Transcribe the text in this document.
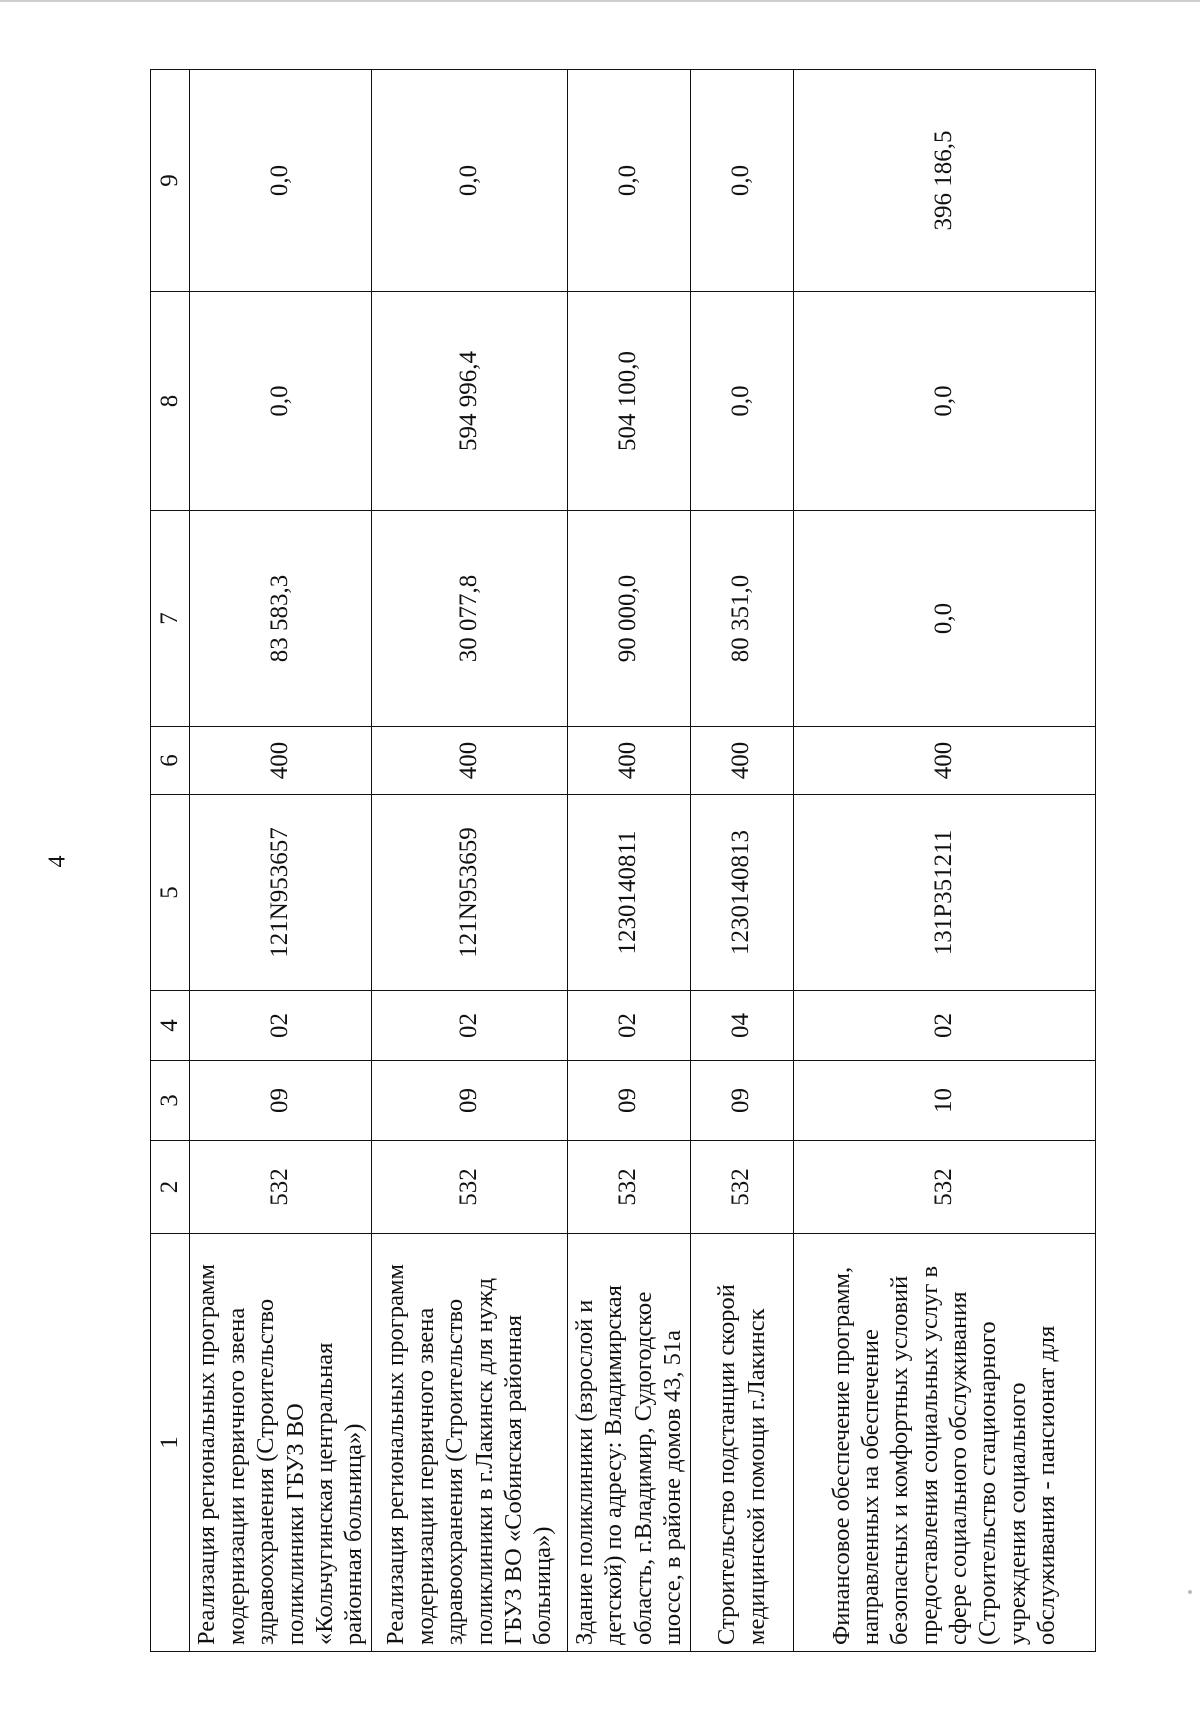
4
1	2	3	4	5	6	7	8	9
Реализация региональных программ модернизации первичного звена здравоохранения (Строительство поликлиники ГБУЗ ВО «Кольчугинская центральная районная больница»)	532	09	02	121N953657	400	83 583,3	0,0	0,0
Реализация региональных программ модернизации первичного звена здравоохранения (Строительство поликлиники в г.Лакинск для нужд ГБУЗ ВО «Собинская районная больница»)	532	09	02	121N953659	400	30 077,8	594 996,4	0,0
Здание поликлиники (взрослой и детской) по адресу: Владимирская область, г.Владимир, Судогодское шоссе, в районе домов 43, 51а	532	09	02	1230140811	400	90 000,0	504 100,0	0,0
Строительство подстанции скорой медицинской помощи г.Лакинск	532	09	04	1230140813	400	80 351,0	0,0	0,0
Финансовое обеспечение программ, направленных на обеспечение безопасных и комфортных условий предоставления социальных услуг в сфере социального обслуживания (Строительство стационарного учреждения социального обслуживания - пансионат для	532	10	02	131P351211	400	0,0	0,0	396 186,5
